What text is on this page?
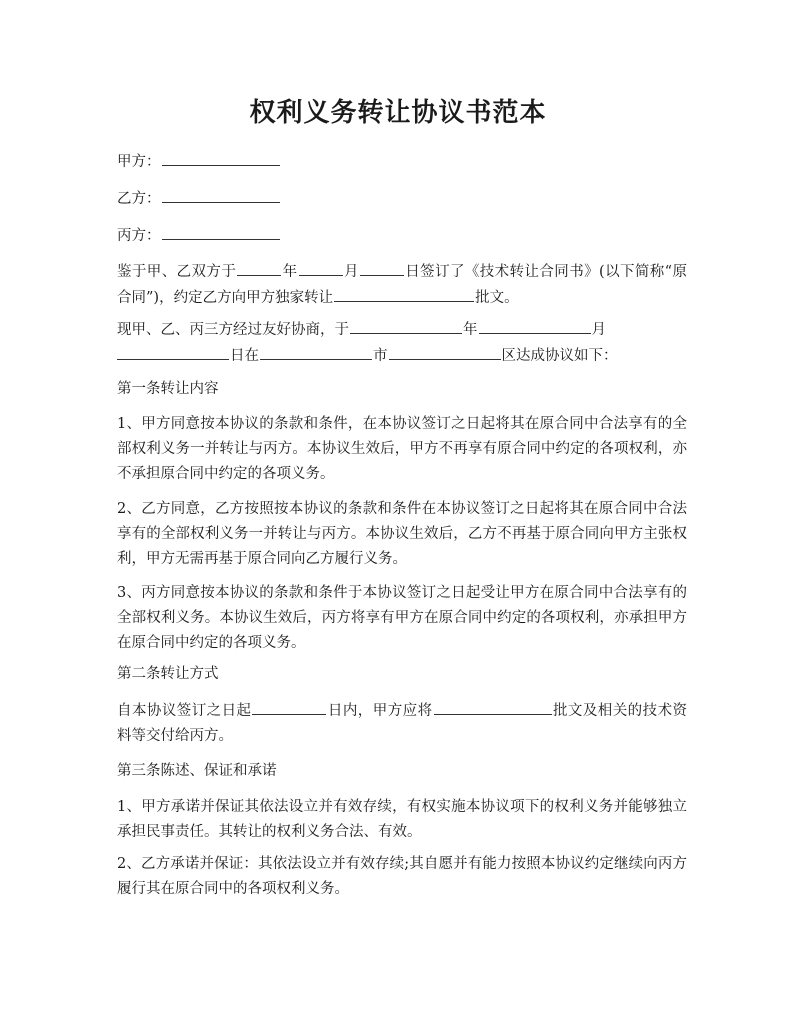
权利义务转让协议书范本

甲方：

乙方：

丙方：

鉴于甲、乙双方于	年	月	日签订了《技术转让合同书》(以下简称“原合同”)，约定乙方向甲方独家转让	批文。

现甲、乙、丙三方经过友好协商，于	年	月
日在	市	区达成协议如下：

第一条转让内容

1、甲方同意按本协议的条款和条件，在本协议签订之日起将其在原合同中合法享有的全部权利义务一并转让与丙方。本协议生效后，甲方不再享有原合同中约定的各项权利，亦不承担原合同中约定的各项义务。

2、乙方同意，乙方按照按本协议的条款和条件在本协议签订之日起将其在原合同中合法享有的全部权利义务一并转让与丙方。本协议生效后，乙方不再基于原合同向甲方主张权利，甲方无需再基于原合同向乙方履行义务。

3、丙方同意按本协议的条款和条件于本协议签订之日起受让甲方在原合同中合法享有的全部权利义务。本协议生效后，丙方将享有甲方在原合同中约定的各项权利，亦承担甲方在原合同中约定的各项义务。

第二条转让方式

自本协议签订之日起	日内，甲方应将	批文及相关的技术资料等交付给丙方。

第三条陈述、保证和承诺

1、甲方承诺并保证其依法设立并有效存续，有权实施本协议项下的权利义务并能够独立承担民事责任。其转让的权利义务合法、有效。

2、乙方承诺并保证：其依法设立并有效存续;其自愿并有能力按照本协议约定继续向丙方履行其在原合同中的各项权利义务。
